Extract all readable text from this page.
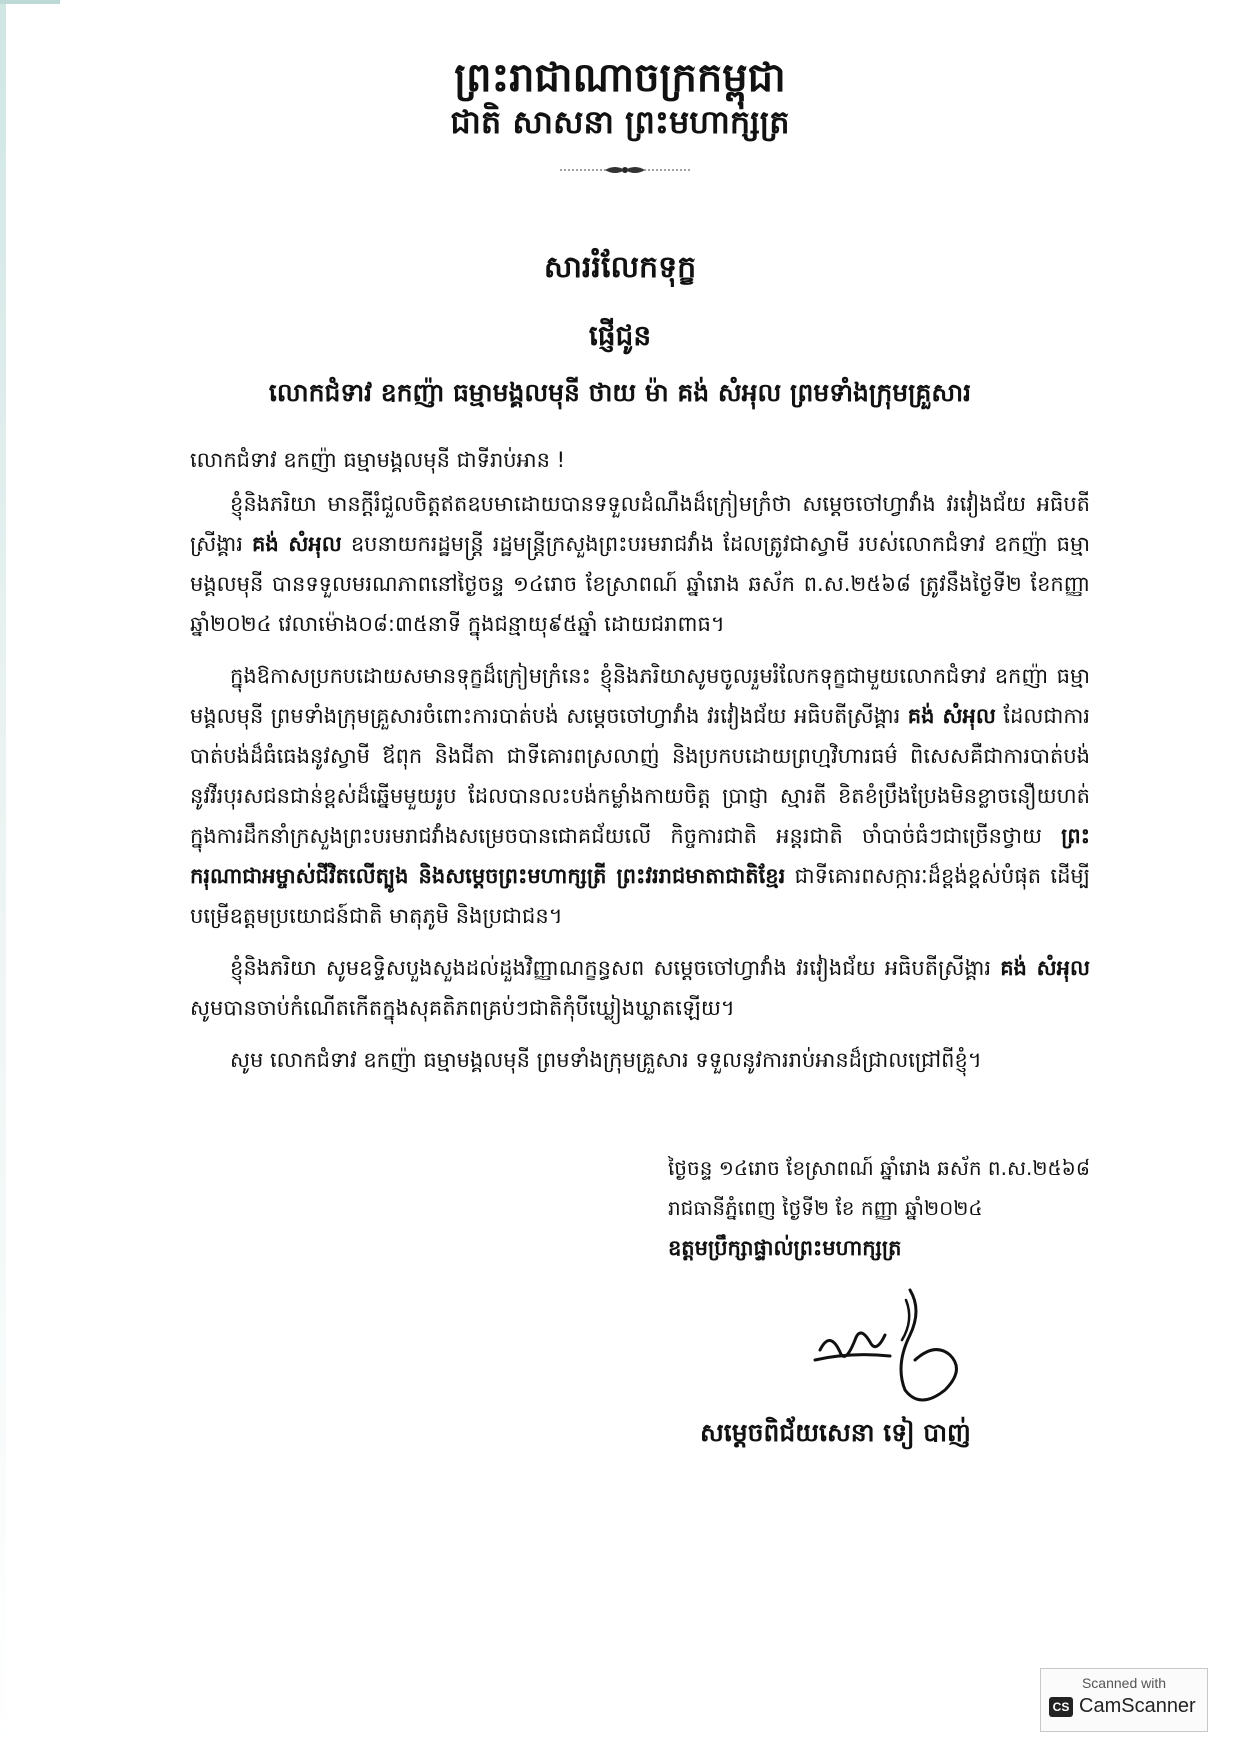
ព្រះរាជាណាចក្រកម្ពុជា
ជាតិ សាសនា ព្រះមហាក្សត្រ
សាររំលែកទុក្ខ
ផ្ញើជូន
លោកជំទាវ ឧកញ៉ា ធម្មាមង្គលមុនី ថាយ ម៉ា គង់ សំអុល ព្រមទាំងក្រុមគ្រួសារ

លោកជំទាវ ឧកញ៉ា ធម្មាមង្គលមុនី ជាទីរាប់អាន !

ខ្ញុំនិងភរិយា មានក្តីរំជួលចិត្តឥតឧបមាដោយបានទទួលដំណឹងដ៏ក្រៀមក្រំថា សម្តេចចៅហ្វាវាំង វរវៀងជ័យ អធិបតីស្រីង្គារ គង់ សំអុល ឧបនាយករដ្ឋមន្ត្រី រដ្ឋមន្ត្រីក្រសួងព្រះបរមរាជវាំង ដែលត្រូវជាស្វាមី របស់លោកជំទាវ ឧកញ៉ា ធម្មាមង្គលមុនី បានទទួលមរណភាពនៅថ្ងៃចន្ទ ១៤រោច ខែស្រាពណ៍ ឆ្នាំរោង ឆស័ក ព.ស.២៥៦៨ ត្រូវនឹងថ្ងៃទី២ ខែកញ្ញា ឆ្នាំ២០២៤ វេលាម៉ោង០៨:៣៥នាទី ក្នុងជន្មាយុ៩៥ឆ្នាំ ដោយជរាពាធ។

ក្នុងឱកាសប្រកបដោយសមានទុក្ខដ៏ក្រៀមក្រំនេះ ខ្ញុំនិងភរិយាសូមចូលរួមរំលែកទុក្ខជាមួយលោកជំទាវ ឧកញ៉ា ធម្មាមង្គលមុនី ព្រមទាំងក្រុមគ្រួសារចំពោះការបាត់បង់ សម្តេចចៅហ្វាវាំង វរវៀងជ័យ អធិបតីស្រីង្គារ គង់ សំអុល ដែលជាការបាត់បង់ដ៏ធំធេងនូវស្វាមី ឪពុក និងជីតា ជាទីគោរពស្រលាញ់ និងប្រកបដោយព្រហ្មវិហារធម៌ ពិសេសគឺជាការបាត់បង់នូវវីរបុរសជនជាន់ខ្ពស់ដ៏ឆ្នើមមួយរូប ដែលបានលះបង់កម្លាំងកាយចិត្ត ប្រាជ្ញា ស្មារតី ខិតខំប្រឹងប្រែងមិនខ្លាចនឿយហត់ក្នុងការដឹកនាំក្រសួងព្រះបរមរាជវាំងសម្រេចបានជោគជ័យលើ កិច្ចការជាតិ អន្តរជាតិ ចាំបាច់ធំៗជាច្រើនថ្វាយ ព្រះករុណាជាអម្ចាស់ជីវិតលើត្បូង និងសម្តេចព្រះមហាក្សត្រី ព្រះវររាជមាតាជាតិខ្មែរ ជាទីគោរពសក្ការៈដ៏ខ្ពង់ខ្ពស់បំផុត ដើម្បីបម្រើឧត្តមប្រយោជន៍ជាតិ មាតុភូមិ និងប្រជាជន។

ខ្ញុំនិងភរិយា សូមឧទ្ទិសបួងសួងដល់ដួងវិញ្ញាណក្ខន្ធសព សម្តេចចៅហ្វាវាំង វរវៀងជ័យ អធិបតីស្រីង្គារ គង់ សំអុល សូមបានចាប់កំណើតកើតក្នុងសុគតិភពគ្រប់ៗជាតិកុំបីឃ្លៀងឃ្លាតឡើយ។

សូម លោកជំទាវ ឧកញ៉ា ធម្មាមង្គលមុនី ព្រមទាំងក្រុមគ្រួសារ ទទួលនូវការរាប់អានដ៏ជ្រាលជ្រៅពីខ្ញុំ។

ថ្ងៃចន្ទ ១៤រោច ខែស្រាពណ៍ ឆ្នាំរោង ឆស័ក ព.ស.២៥៦៨
រាជធានីភ្នំពេញ ថ្ងៃទី២ ខែ កញ្ញា ឆ្នាំ២០២៤
ឧត្តមប្រឹក្សាផ្ទាល់ព្រះមហាក្សត្រ
សម្តេចពិជ័យសេនា ទៀ បាញ់
Scanned with
CS CamScanner
